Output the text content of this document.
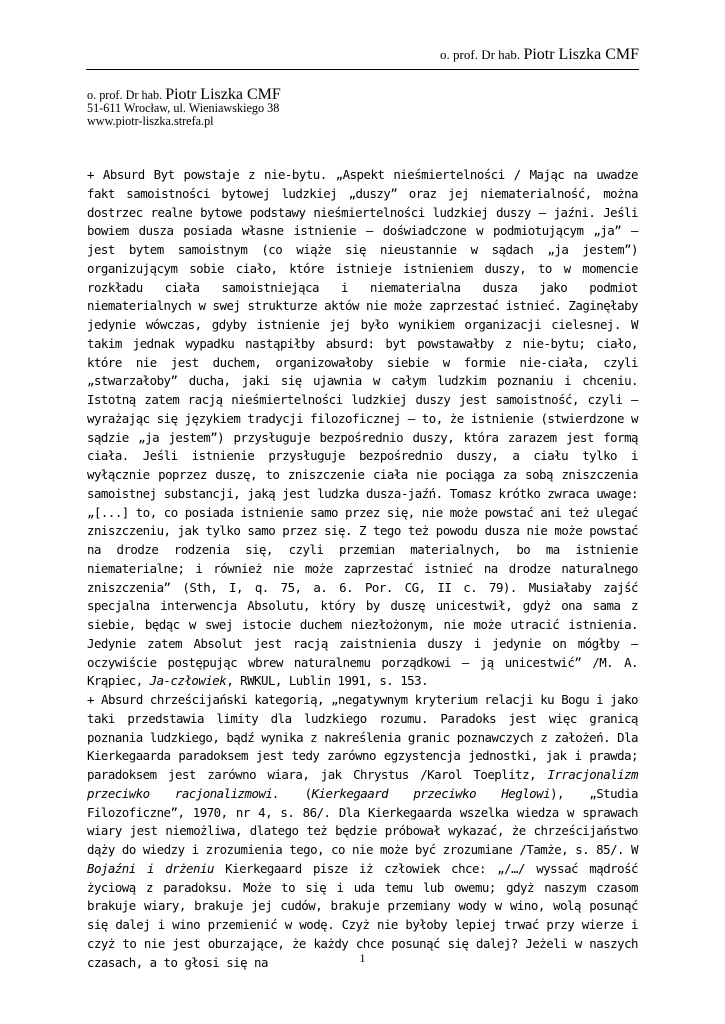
o. prof. Dr hab. Piotr Liszka CMF
o. prof. Dr hab. Piotr Liszka CMF
51-611 Wrocław, ul. Wieniawskiego 38
www.piotr-liszka.strefa.pl

+ Absurd Byt powstaje z nie-bytu. „Aspekt nieśmiertelności / Mając na uwadze fakt samoistności bytowej ludzkiej „duszy” oraz jej niematerialność, można dostrzec realne bytowe podstawy nieśmiertelności ludzkiej duszy – jaźni. Jeśli bowiem dusza posiada własne istnienie – doświadczone w podmiotującym „ja” – jest bytem samoistnym (co wiąże się nieustannie w sądach „ja jestem”) organizującym sobie ciało, które istnieje istnieniem duszy, to w momencie rozkładu ciała samoistniejąca i niematerialna dusza jako podmiot niematerialnych w swej strukturze aktów nie może zaprzestać istnieć. Zaginęłaby jedynie wówczas, gdyby istnienie jej było wynikiem organizacji cielesnej. W takim jednak wypadku nastąpiłby absurd: byt powstawałby z nie-bytu; ciało, które nie jest duchem, organizowałoby siebie w formie nie-ciała, czyli „stwarzałoby” ducha, jaki się ujawnia w całym ludzkim poznaniu i chceniu. Istotną zatem racją nieśmiertelności ludzkiej duszy jest samoistność, czyli – wyrażając się językiem tradycji filozoficznej – to, że istnienie (stwierdzone w sądzie „ja jestem”) przysługuje bezpośrednio duszy, która zarazem jest formą ciała. Jeśli istnienie przysługuje bezpośrednio duszy, a ciału tylko i wyłącznie poprzez duszę, to zniszczenie ciała nie pociąga za sobą zniszczenia samoistnej substancji, jaką jest ludzka dusza-jaźń. Tomasz krótko zwraca uwage: „[...] to, co posiada istnienie samo przez się, nie może powstać ani też ulegać zniszczeniu, jak tylko samo przez się. Z tego też powodu dusza nie może powstać na drodze rodzenia się, czyli przemian materialnych, bo ma istnienie niematerialne; i również nie może zaprzestać istnieć na drodze naturalnego zniszczenia” (Sth, I, q. 75, a. 6. Por. CG, II c. 79). Musiałaby zajść specjalna interwencja Absolutu, który by duszę unicestwił, gdyż ona sama z siebie, będąc w swej istocie duchem niezłożonym, nie może utracić istnienia. Jedynie zatem Absolut jest racją zaistnienia duszy i jedynie on mógłby – oczywiście postępując wbrew naturalnemu porządkowi – ją unicestwić” /M. A. Krąpiec, Ja-człowiek, RWKUL, Lublin 1991, s. 153.

+ Absurd chrześcijański kategorią, „negatywnym kryterium relacji ku Bogu i jako taki przedstawia limity dla ludzkiego rozumu. Paradoks jest więc granicą poznania ludzkiego, bądź wynika z nakreślenia granic poznawczych z założeń. Dla Kierkegaarda paradoksem jest tedy zarówno egzystencja jednostki, jak i prawda; paradoksem jest zarówno wiara, jak Chrystus /Karol Toeplitz, Irracjonalizm przeciwko racjonalizmowi. (Kierkegaard przeciwko Heglowi), „Studia Filozoficzne”, 1970, nr 4, s. 86/. Dla Kierkegaarda wszelka wiedza w sprawach wiary jest niemożliwa, dlatego też będzie próbował wykazać, że chrześcijaństwo dąży do wiedzy i zrozumienia tego, co nie może być zrozumiane /Tamże, s. 85/. W Bojaźni i drżeniu Kierkegaard pisze iż człowiek chce: „/…/ wyssać mądrość życiową z paradoksu. Może to się i uda temu lub owemu; gdyż naszym czasom brakuje wiary, brakuje jej cudów, brakuje przemiany wody w wino, wolą posunąć się dalej i wino przemienić w wodę. Czyż nie byłoby lepiej trwać przy wierze i czyż to nie jest oburzające, że każdy chce posunąć się dalej? Jeżeli w naszych czasach, a to głosi się na	1
